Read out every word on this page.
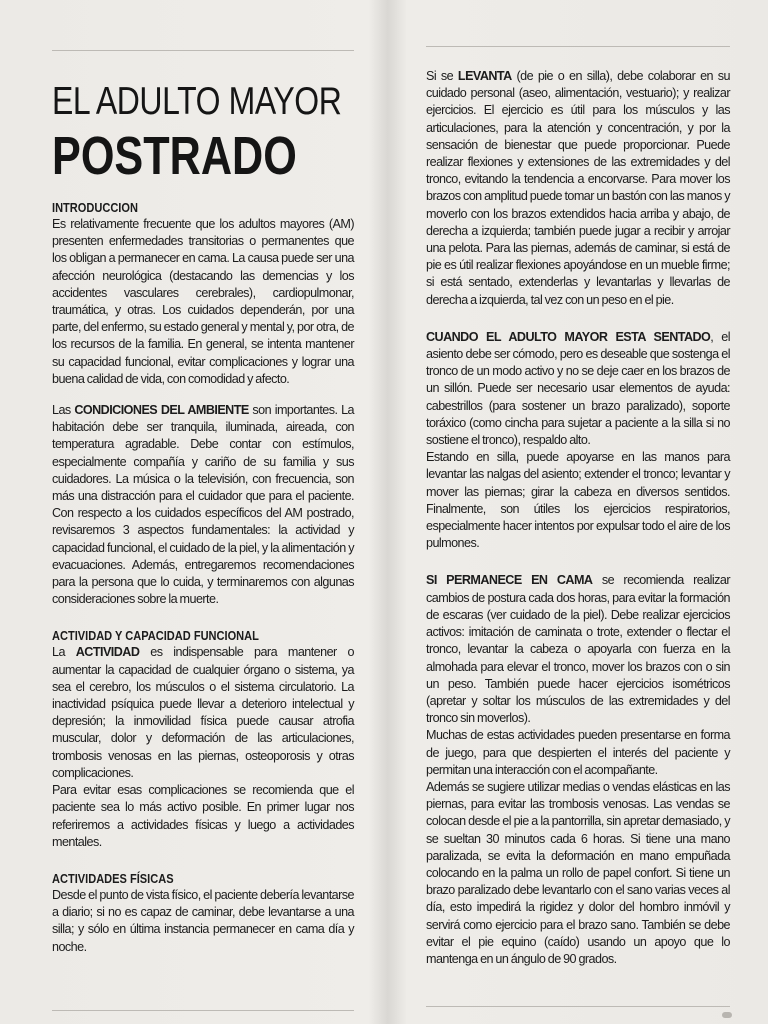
EL ADULTO MAYOR
POSTRADO
INTRODUCCION

Es relativamente frecuente que los adultos mayores (AM) presenten enfermedades transitorias o permanentes que los obligan a permanecer en cama. La causa puede ser una afección neurológica (destacando las demencias y los accidentes vasculares cerebrales), cardiopulmonar, traumática, y otras. Los cuidados dependerán, por una parte, del enfermo, su estado general y mental y, por otra, de los recursos de la familia. En general, se intenta mantener su capacidad funcional, evitar complicaciones y lograr una buena calidad de vida, con comodidad y afecto.

Las CONDICIONES DEL AMBIENTE son importantes. La habitación debe ser tranquila, iluminada, aireada, con temperatura agradable. Debe contar con estímulos, especialmente compañía y cariño de su familia y sus cuidadores. La música o la televisión, con frecuencia, son más una distracción para el cuidador que para el paciente. Con respecto a los cuidados específicos del AM postrado, revisaremos 3 aspectos fundamentales: la actividad y capacidad funcional, el cuidado de la piel, y la alimentación y evacuaciones. Además, entregaremos recomendaciones para la persona que lo cuida, y terminaremos con algunas consideraciones sobre la muerte.

ACTIVIDAD Y CAPACIDAD FUNCIONAL

La ACTIVIDAD es indispensable para mantener o aumentar la capacidad de cualquier órgano o sistema, ya sea el cerebro, los músculos o el sistema circulatorio. La inactividad psíquica puede llevar a deterioro intelectual y depresión; la inmovilidad física puede causar atrofia muscular, dolor y deformación de las articulaciones, trombosis venosas en las piernas, osteoporosis y otras complicaciones.

Para evitar esas complicaciones se recomienda que el paciente sea lo más activo posible. En primer lugar nos referiremos a actividades físicas y luego a actividades mentales.

ACTIVIDADES FÍSICAS

Desde el punto de vista físico, el paciente debería levantarse a diario; si no es capaz de caminar, debe levantarse a una silla; y sólo en última instancia permanecer en cama día y noche.

Si se LEVANTA (de pie o en silla), debe colaborar en su cuidado personal (aseo, alimentación, vestuario); y realizar ejercicios. El ejercicio es útil para los músculos y las articulaciones, para la atención y concentración, y por la sensación de bienestar que puede proporcionar. Puede realizar flexiones y extensiones de las extremidades y del tronco, evitando la tendencia a encorvarse. Para mover los brazos con amplitud puede tomar un bastón con las manos y moverlo con los brazos extendidos hacia arriba y abajo, de derecha a izquierda; también puede jugar a recibir y arrojar una pelota. Para las piernas, además de caminar, si está de pie es útil realizar flexiones apoyándose en un mueble firme; si está sentado, extenderlas y levantarlas y llevarlas de derecha a izquierda, tal vez con un peso en el pie.

CUANDO EL ADULTO MAYOR ESTA SENTADO, el asiento debe ser cómodo, pero es deseable que sostenga el tronco de un modo activo y no se deje caer en los brazos de un sillón. Puede ser necesario usar elementos de ayuda: cabestrillos (para sostener un brazo paralizado), soporte toráxico (como cincha para sujetar a paciente a la silla si no sostiene el tronco), respaldo alto.

Estando en silla, puede apoyarse en las manos para levantar las nalgas del asiento; extender el tronco; levantar y mover las piernas; girar la cabeza en diversos sentidos. Finalmente, son útiles los ejercicios respiratorios, especialmente hacer intentos por expulsar todo el aire de los pulmones.

SI PERMANECE EN CAMA se recomienda realizar cambios de postura cada dos horas, para evitar la formación de escaras (ver cuidado de la piel). Debe realizar ejercicios activos: imitación de caminata o trote, extender o flectar el tronco, levantar la cabeza o apoyarla con fuerza en la almohada para elevar el tronco, mover los brazos con o sin un peso. También puede hacer ejercicios isométricos (apretar y soltar los músculos de las extremidades y del tronco sin moverlos).

Muchas de estas actividades pueden presentarse en forma de juego, para que despierten el interés del paciente y permitan una interacción con el acompañante.

Además se sugiere utilizar medias o vendas elásticas en las piernas, para evitar las trombosis venosas. Las vendas se colocan desde el pie a la pantorrilla, sin apretar demasiado, y se sueltan 30 minutos cada 6 horas. Si tiene una mano paralizada, se evita la deformación en mano empuñada colocando en la palma un rollo de papel confort. Si tiene un brazo paralizado debe levantarlo con el sano varias veces al día, esto impedirá la rigidez y dolor del hombro inmóvil y servirá como ejercicio para el brazo sano. También se debe evitar el pie equino (caído) usando un apoyo que lo mantenga en un ángulo de 90 grados.
